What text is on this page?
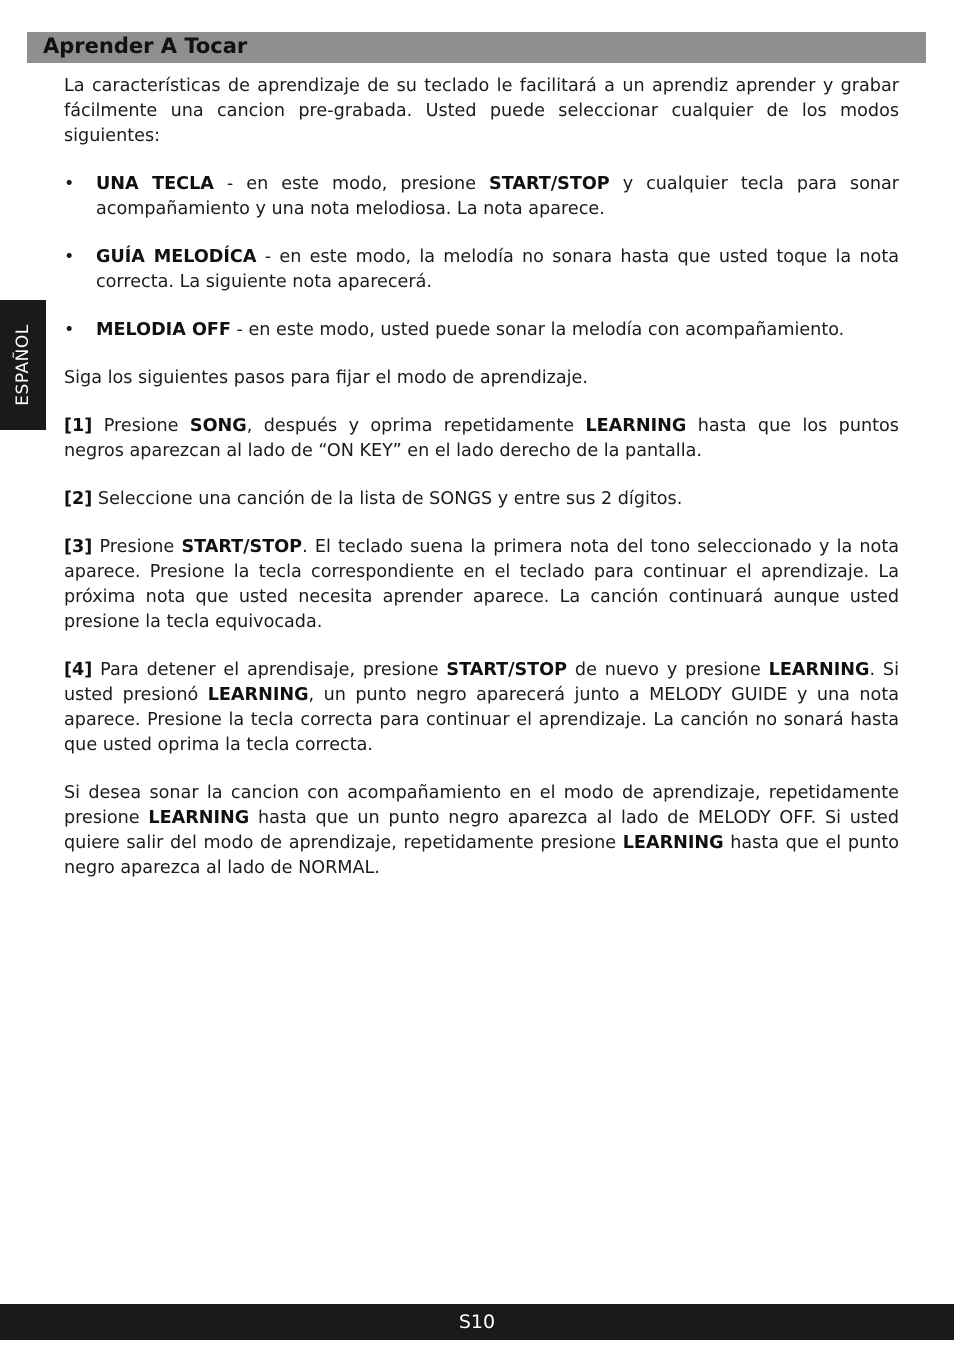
Aprender A Tocar
ESPAÑOL

La características de aprendizaje de su teclado le facilitará a un aprendiz aprender y grabar fácilmente una cancion pre-grabada. Usted puede seleccionar cualquier de los modos siguientes:

• UNA TECLA - en este modo, presione START/STOP y cualquier tecla para sonar acompañamiento y una nota melodiosa. La nota aparece.
• GUÍA MELODÍCA - en este modo, la melodía no sonara hasta que usted toque la nota correcta. La siguiente nota aparecerá.
• MELODIA OFF - en este modo, usted puede sonar la melodía con acompañamiento.

Siga los siguientes pasos para fijar el modo de aprendizaje.

[1] Presione SONG, después y oprima repetidamente LEARNING hasta que los puntos negros aparezcan al lado de “ON KEY” en el lado derecho de la pantalla.

[2] Seleccione una canción de la lista de SONGS y entre sus 2 dígitos.

[3] Presione START/STOP. El teclado suena la primera nota del tono seleccionado y la nota aparece. Presione la tecla correspondiente en el teclado para continuar el aprendizaje. La próxima nota que usted necesita aprender aparece. La canción continuará aunque usted presione la tecla equivocada.

[4] Para detener el aprendisaje, presione START/STOP de nuevo y presione LEARNING. Si usted presionó LEARNING, un punto negro aparecerá junto a MELODY GUIDE y una nota aparece. Presione la tecla correcta para continuar el aprendizaje. La canción no sonará hasta que usted oprima la tecla correcta.

Si desea sonar la cancion con acompañamiento en el modo de aprendizaje, repetidamente presione LEARNING hasta que un punto negro aparezca al lado de MELODY OFF. Si usted quiere salir del modo de aprendizaje, repetidamente presione LEARNING hasta que el punto negro aparezca al lado de NORMAL.

S10
